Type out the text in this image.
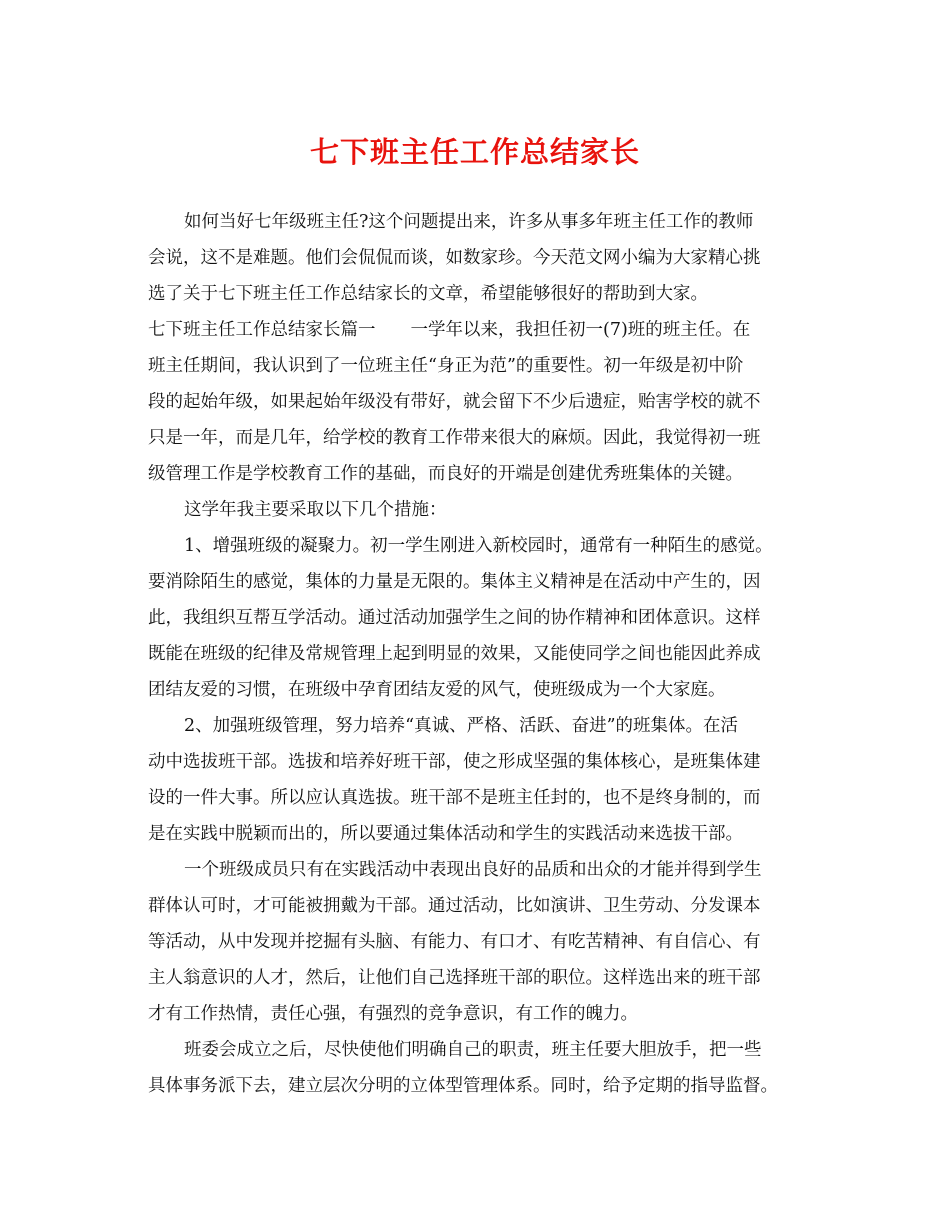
七下班主任工作总结家长
如何当好七年级班主任?这个问题提出来，许多从事多年班主任工作的教师
会说，这不是难题。他们会侃侃而谈，如数家珍。今天范文网小编为大家精心挑
选了关于七下班主任工作总结家长的文章，希望能够很好的帮助到大家。
七下班主任工作总结家长篇一　　一学年以来，我担任初一(7)班的班主任。在
班主任期间，我认识到了一位班主任“身正为范”的重要性。初一年级是初中阶
段的起始年级，如果起始年级没有带好，就会留下不少后遗症，贻害学校的就不
只是一年，而是几年，给学校的教育工作带来很大的麻烦。因此，我觉得初一班
级管理工作是学校教育工作的基础，而良好的开端是创建优秀班集体的关键。
这学年我主要采取以下几个措施：
1、增强班级的凝聚力。初一学生刚进入新校园时，通常有一种陌生的感觉。
要消除陌生的感觉，集体的力量是无限的。集体主义精神是在活动中产生的，因
此，我组织互帮互学活动。通过活动加强学生之间的协作精神和团体意识。这样
既能在班级的纪律及常规管理上起到明显的效果，又能使同学之间也能因此养成
团结友爱的习惯，在班级中孕育团结友爱的风气，使班级成为一个大家庭。
2、加强班级管理，努力培养“真诚、严格、活跃、奋进”的班集体。在活
动中选拔班干部。选拔和培养好班干部，使之形成坚强的集体核心，是班集体建
设的一件大事。所以应认真选拔。班干部不是班主任封的，也不是终身制的，而
是在实践中脱颖而出的，所以要通过集体活动和学生的实践活动来选拔干部。
一个班级成员只有在实践活动中表现出良好的品质和出众的才能并得到学生
群体认可时，才可能被拥戴为干部。通过活动，比如演讲、卫生劳动、分发课本
等活动，从中发现并挖掘有头脑、有能力、有口才、有吃苦精神、有自信心、有
主人翁意识的人才，然后，让他们自己选择班干部的职位。这样选出来的班干部
才有工作热情，责任心强，有强烈的竞争意识，有工作的魄力。
班委会成立之后，尽快使他们明确自己的职责，班主任要大胆放手，把一些
具体事务派下去，建立层次分明的立体型管理体系。同时，给予定期的指导监督。
